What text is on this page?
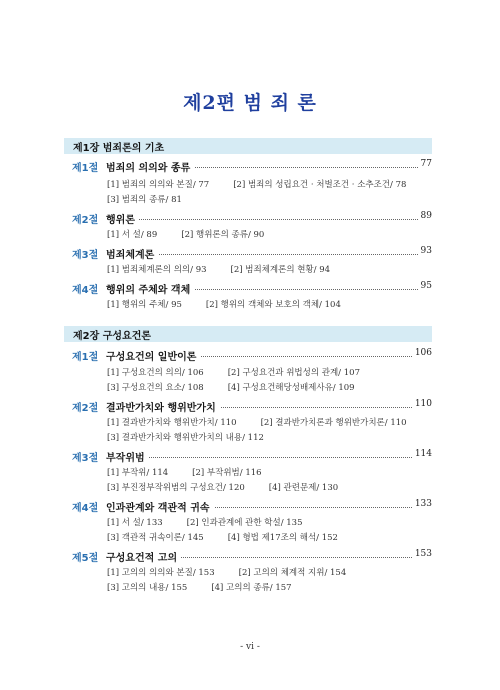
제2편 범 죄 론
제1장 범죄론의 기초
제1절 범죄의 의의와 종류	77
[1] 범죄의 의의와 본질/ 77	[2] 범죄의 성립요건 · 처벌조건 · 소추조건/ 78
[3] 범죄의 종류/ 81
제2절 행위론	89
[1] 서 설/ 89	[2] 행위론의 종류/ 90
제3절 범죄체계론	93
[1] 범죄체계론의 의의/ 93	[2] 범죄체계론의 현황/ 94
제4절 행위의 주체와 객체	95
[1] 행위의 주체/ 95	[2] 행위의 객체와 보호의 객체/ 104
제2장 구성요건론
제1절 구성요건의 일반이론	106
[1] 구성요건의 의의/ 106	[2] 구성요건과 위법성의 관계/ 107
[3] 구성요건의 요소/ 108	[4] 구성요건해당성배제사유/ 109
제2절 결과반가치와 행위반가치	110
[1] 결과반가치와 행위반가치/ 110	[2] 결과반가치론과 행위반가치론/ 110
[3] 결과반가치와 행위반가치의 내용/ 112
제3절 부작위범	114
[1] 부작위/ 114	[2] 부작위범/ 116
[3] 부진정부작위범의 구성요건/ 120	[4] 관련문제/ 130
제4절 인과관계와 객관적 귀속	133
[1] 서 설/ 133	[2] 인과관계에 관한 학설/ 135
[3] 객관적 귀속이론/ 145	[4] 형법 제17조의 해석/ 152
제5절 구성요건적 고의	153
[1] 고의의 의의와 본질/ 153	[2] 고의의 체계적 지위/ 154
[3] 고의의 내용/ 155	[4] 고의의 종류/ 157
- vi -
